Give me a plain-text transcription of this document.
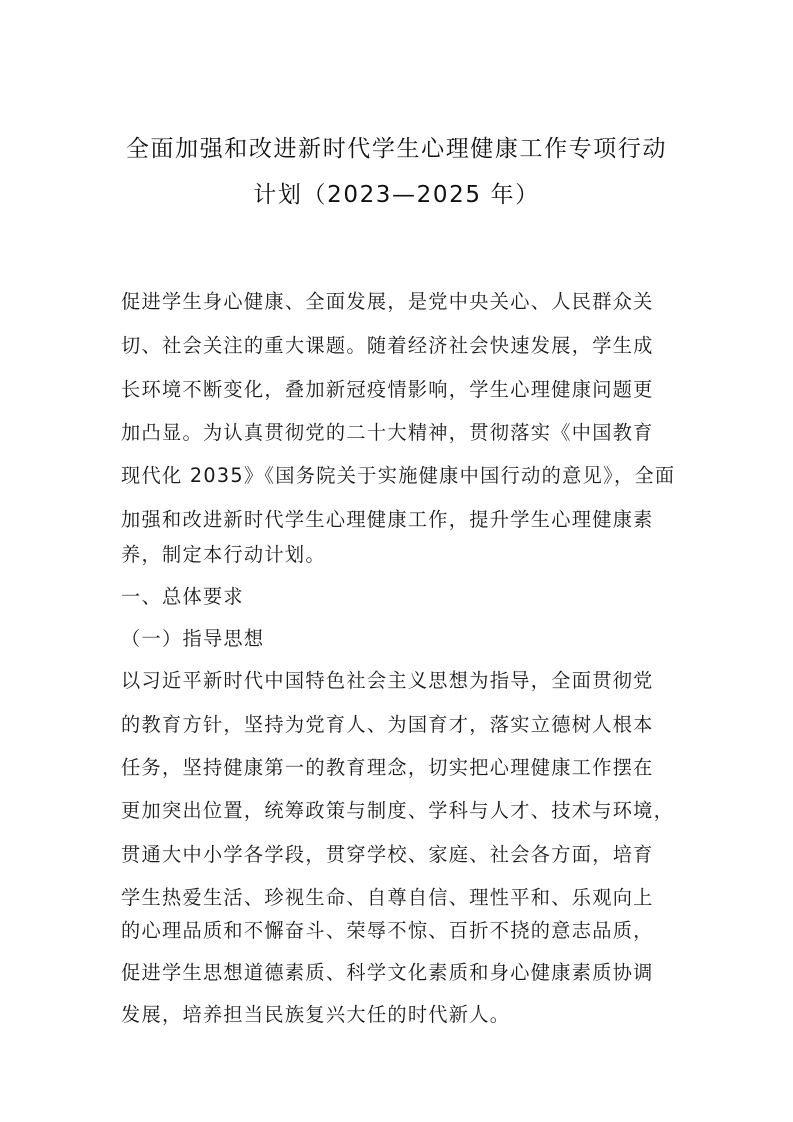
全面加强和改进新时代学生心理健康工作专项行动
计划（2023—2025 年）
促进学生身心健康、全面发展，是党中央关心、人民群众关
切、社会关注的重大课题。随着经济社会快速发展，学生成
长环境不断变化，叠加新冠疫情影响，学生心理健康问题更
加凸显。为认真贯彻党的二十大精神，贯彻落实《中国教育
现代化 2035》《国务院关于实施健康中国行动的意见》，全面
加强和改进新时代学生心理健康工作，提升学生心理健康素
养，制定本行动计划。
一、总体要求
（一）指导思想
以习近平新时代中国特色社会主义思想为指导，全面贯彻党
的教育方针，坚持为党育人、为国育才，落实立德树人根本
任务，坚持健康第一的教育理念，切实把心理健康工作摆在
更加突出位置，统筹政策与制度、学科与人才、技术与环境，
贯通大中小学各学段，贯穿学校、家庭、社会各方面，培育
学生热爱生活、珍视生命、自尊自信、理性平和、乐观向上
的心理品质和不懈奋斗、荣辱不惊、百折不挠的意志品质，
促进学生思想道德素质、科学文化素质和身心健康素质协调
发展，培养担当民族复兴大任的时代新人。
